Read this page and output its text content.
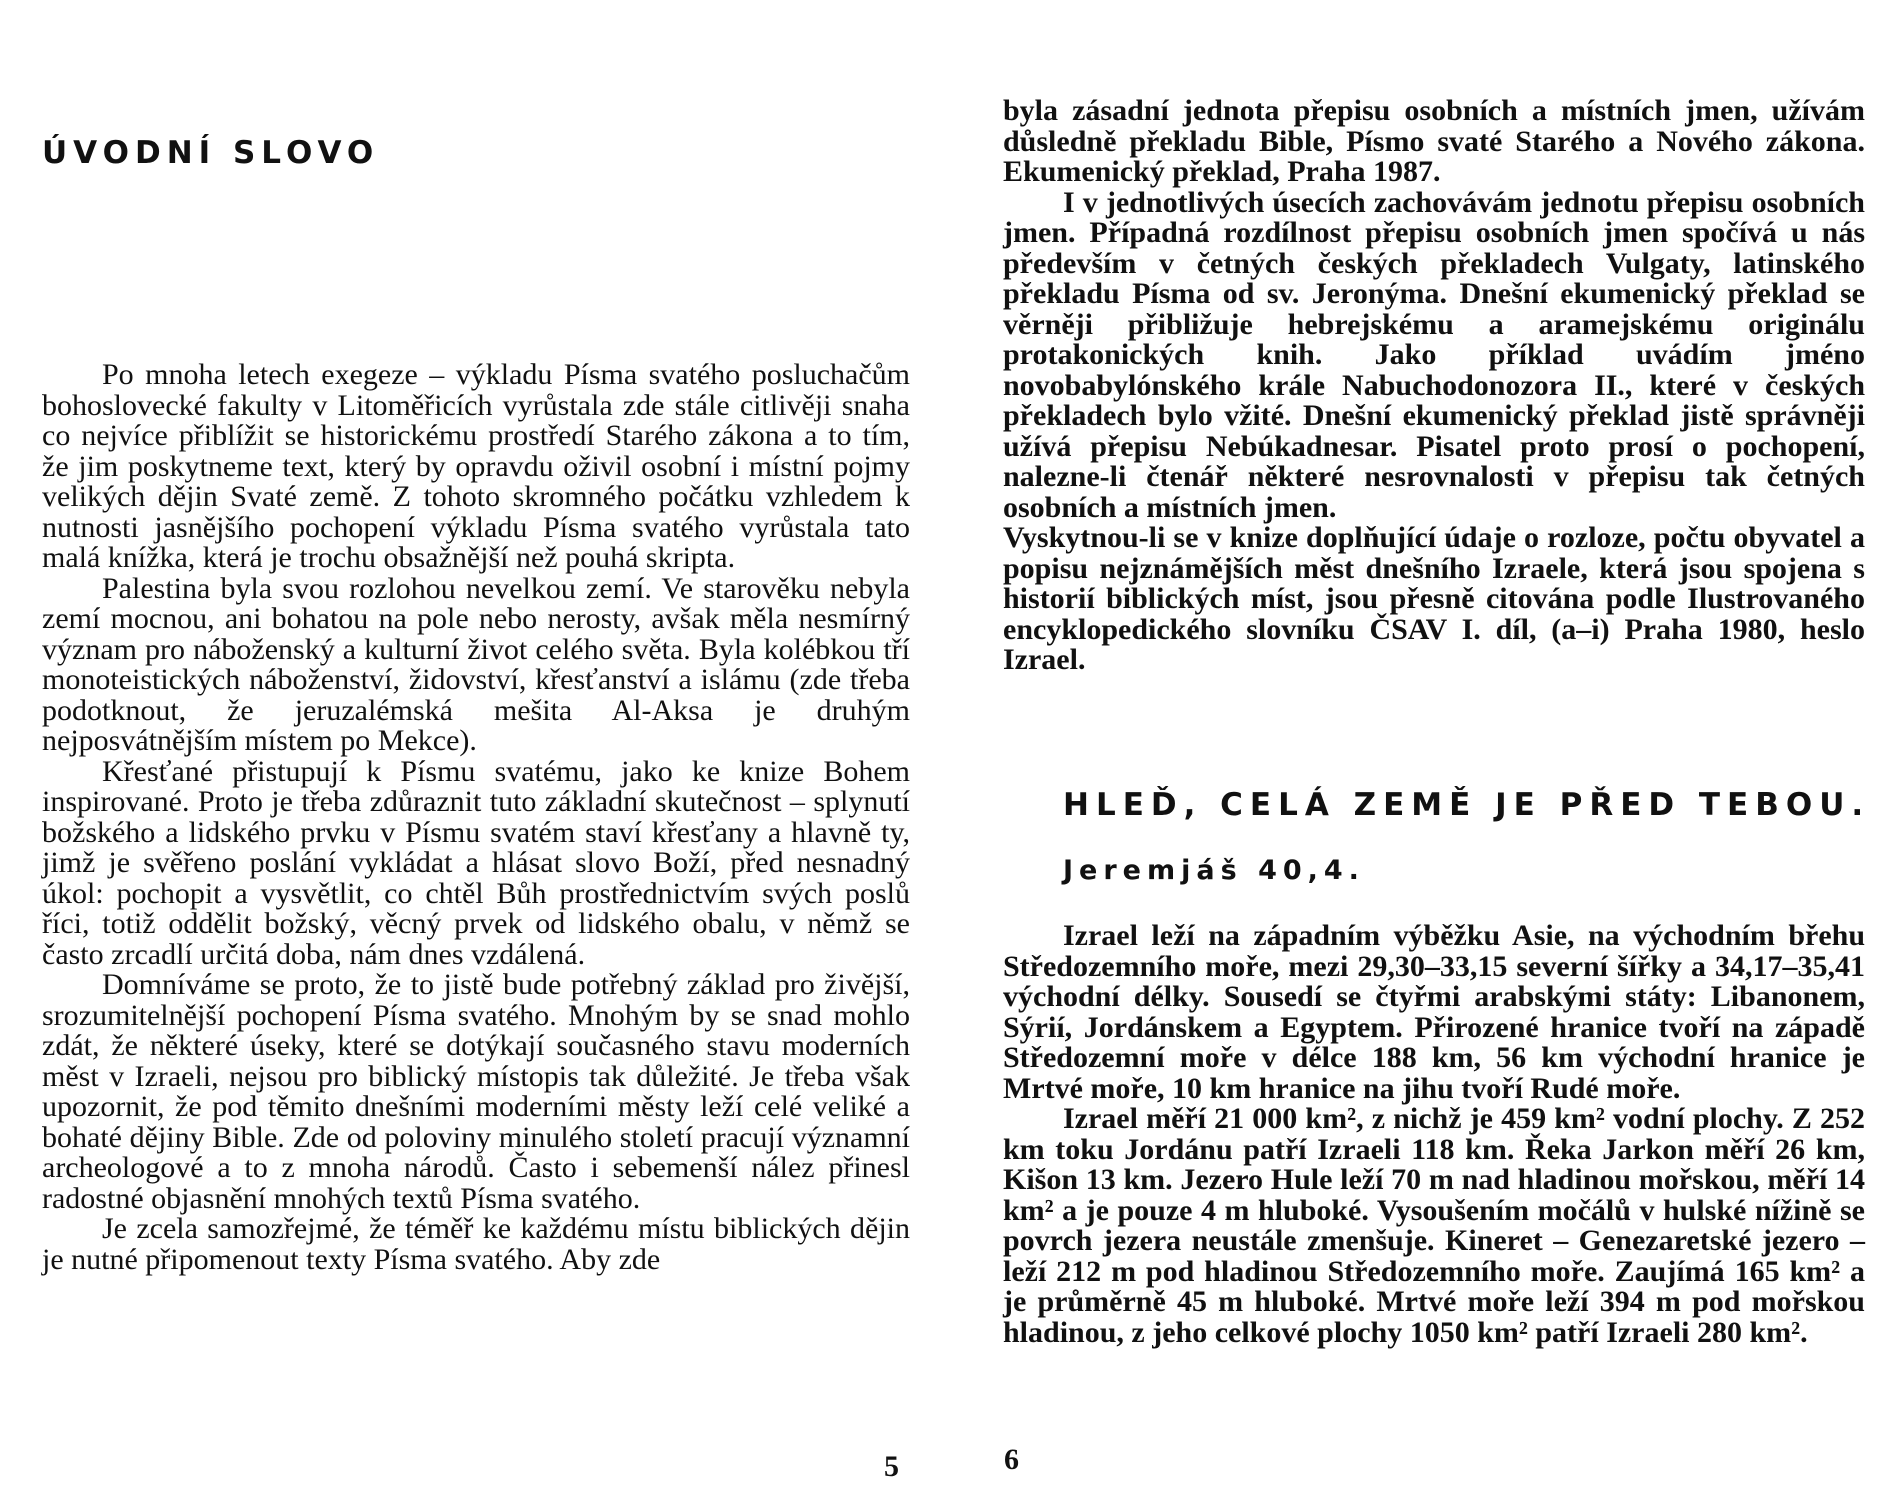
ÚVODNÍ SLOVO

Po mnoha letech exegeze – výkladu Písma svatého posluchačům bohoslovecké fakulty v Litoměřicích vyrůstala zde stále citlivěji snaha co nejvíce přiblížit se historickému prostředí Starého zákona a to tím, že jim poskytneme text, který by opravdu oživil osobní i místní pojmy velikých dějin Svaté země. Z tohoto skromného počátku vzhledem k nutnosti jasnějšího pochopení výkladu Písma svatého vyrůstala tato malá knížka, která je trochu obsažnější než pouhá skripta.

Palestina byla svou rozlohou nevelkou zemí. Ve starověku nebyla zemí mocnou, ani bohatou na pole nebo nerosty, avšak měla nesmírný význam pro náboženský a kulturní život celého světa. Byla kolébkou tří monoteistických náboženství, židovství, křesťanství a islámu (zde třeba podotknout, že jeruzalémská mešita Al-Aksa je druhým nejposvátnějším místem po Mekce).

Křesťané přistupují k Písmu svatému, jako ke knize Bohem inspirované. Proto je třeba zdůraznit tuto základní skutečnost – splynutí božského a lidského prvku v Písmu svatém staví křesťany a hlavně ty, jimž je svěřeno poslání vykládat a hlásat slovo Boží, před nesnadný úkol: pochopit a vysvětlit, co chtěl Bůh prostřednictvím svých poslů říci, totiž oddělit božský, věcný prvek od lidského obalu, v němž se často zrcadlí určitá doba, nám dnes vzdálená.

Domníváme se proto, že to jistě bude potřebný základ pro živější, srozumitelnější pochopení Písma svatého. Mnohým by se snad mohlo zdát, že některé úseky, které se dotýkají současného stavu moderních měst v Izraeli, nejsou pro biblický místopis tak důležité. Je třeba však upozornit, že pod těmito dnešními moderními městy leží celé veliké a bohaté dějiny Bible. Zde od poloviny minulého století pracují významní archeologové a to z mnoha národů. Často i sebemenší nález přinesl radostné objasnění mnohých textů Písma svatého.

Je zcela samozřejmé, že téměř ke každému místu biblických dějin je nutné připomenout texty Písma svatého. Aby zde

5

byla zásadní jednota přepisu osobních a místních jmen, užívám důsledně překladu Bible, Písmo svaté Starého a Nového zákona. Ekumenický překlad, Praha 1987.

I v jednotlivých úsecích zachovávám jednotu přepisu osobních jmen. Případná rozdílnost přepisu osobních jmen spočívá u nás především v četných českých překladech Vulgaty, latinského překladu Písma od sv. Jeronýma. Dnešní ekumenický překlad se věrněji přibližuje hebrejskému a aramejskému originálu protakonických knih. Jako příklad uvádím jméno novobabylónského krále Nabuchodonozora II., které v českých překladech bylo vžité. Dnešní ekumenický překlad jistě správněji užívá přepisu Nebúkadnesar. Pisatel proto prosí o pochopení, nalezne-li čtenář některé nesrovnalosti v přepisu tak četných osobních a místních jmen.

Vyskytnou-li se v knize doplňující údaje o rozloze, počtu obyvatel a popisu nejznámějších měst dnešního Izraele, která jsou spojena s historií biblických míst, jsou přesně citována podle Ilustrovaného encyklopedického slovníku ČSAV I. díl, (a–i) Praha 1980, heslo Izrael.

HLEĎ, CELÁ ZEMĚ JE PŘED TEBOU.
Jeremjáš 40,4.

Izrael leží na západním výběžku Asie, na východním břehu Středozemního moře, mezi 29,30–33,15 severní šířky a 34,17–35,41 východní délky. Sousedí se čtyřmi arabskými státy: Libanonem, Sýrií, Jordánskem a Egyptem. Přirozené hranice tvoří na západě Středozemní moře v délce 188 km, 56 km východní hranice je Mrtvé moře, 10 km hranice na jihu tvoří Rudé moře.

Izrael měří 21 000 km², z nichž je 459 km² vodní plochy. Z 252 km toku Jordánu patří Izraeli 118 km. Řeka Jarkon měří 26 km, Kišon 13 km. Jezero Hule leží 70 m nad hladinou mořskou, měří 14 km² a je pouze 4 m hluboké. Vysoušením močálů v hulské nížině se povrch jezera neustále zmenšuje. Kineret – Genezaretské jezero – leží 212 m pod hladinou Středozemního moře. Zaujímá 165 km² a je průměrně 45 m hluboké. Mrtvé moře leží 394 m pod mořskou hladinou, z jeho celkové plochy 1050 km² patří Izraeli 280 km².

6
